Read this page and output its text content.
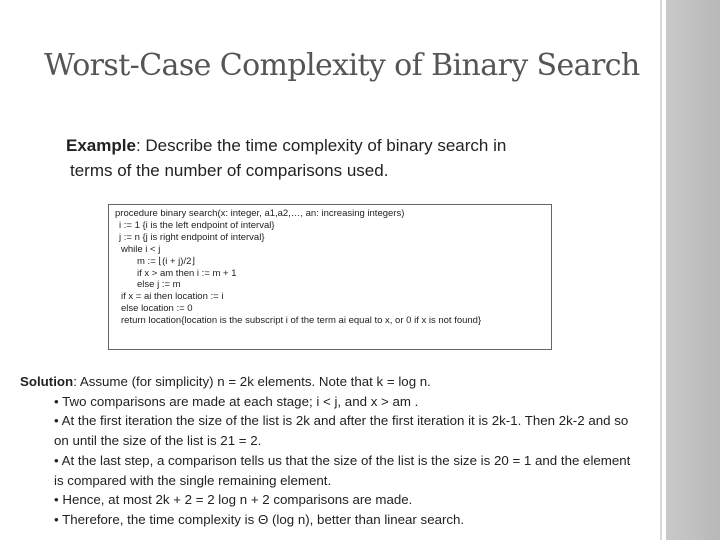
Worst-Case Complexity of Binary Search
Example: Describe the time complexity of binary search in
terms of the number of comparisons used.
procedure binary search(x: integer, a1,a2,…, an: increasing integers)
i := 1 {i is the left endpoint of interval}
j := n {j is right endpoint of interval}
while i < j
m := ⌊(i + j)/2⌋
if x > am then i := m + 1
else j := m
if x = ai then location := i
else location := 0
return location{location is the subscript i of the term ai equal to x, or 0 if x is not found}
Solution: Assume (for simplicity) n = 2k elements. Note that k = log n.
• Two comparisons are made at each stage; i < j, and x > am .
• At the first iteration the size of the list is 2k and after the first iteration it is 2k-1. Then 2k-2 and so
on until the size of the list is 21 = 2.
• At the last step, a comparison tells us that the size of the list is the size is 20 = 1 and the element
is compared with the single remaining element.
• Hence, at most 2k + 2 = 2 log n + 2 comparisons are made.
• Therefore, the time complexity is Θ (log n), better than linear search.
